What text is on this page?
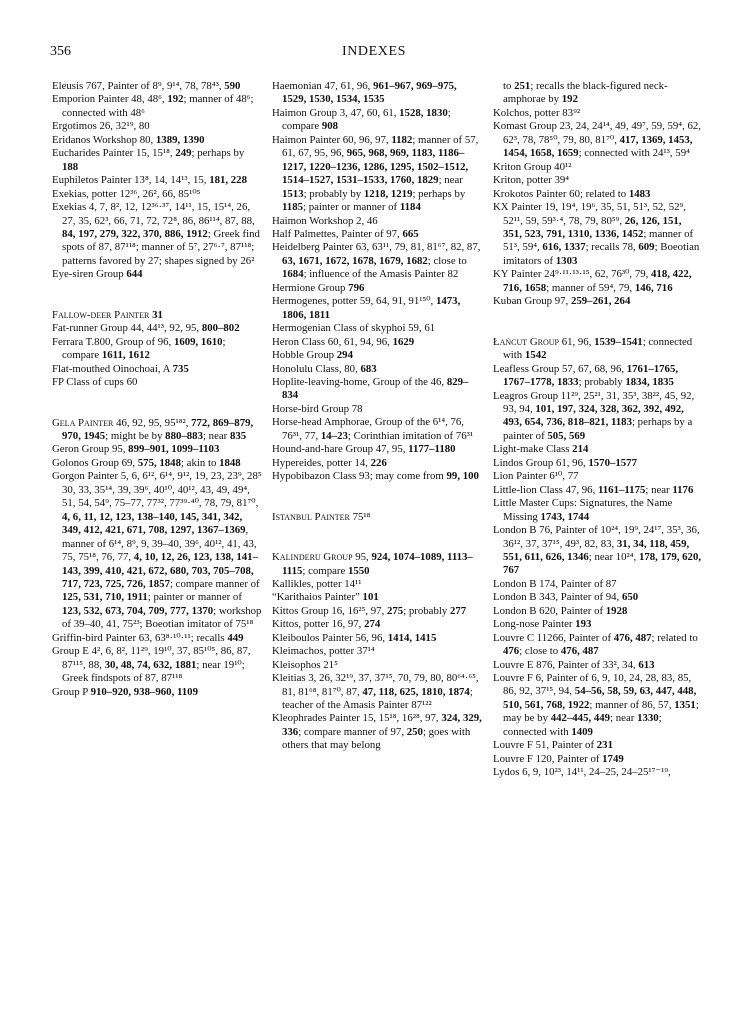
356	INDEXES

Eleusis 767, Painter of 8⁹, 9¹⁴, 78, 78⁴³, 590

Emporion Painter 48, 48⁶, 192; manner of 48⁶; connected with 48⁶

Ergotimos 26, 32¹⁹, 80

Eridanos Workshop 80, 1389, 1390

Eucharides Painter 15, 15¹⁸, 249; perhaps by 188

Euphiletos Painter 13⁸, 14, 14¹³, 15, 181, 228

Exekias, potter 12³⁶, 26², 66, 85¹⁰⁵

Exekias 4, 7, 8², 12, 12³⁶·³⁷, 14¹¹, 15, 15¹⁴, 26, 27, 35, 62³, 66, 71, 72, 72⁸, 86, 86¹¹⁴, 87, 88, 84, 197, 279, 322, 370, 886, 1912; Greek find spots of 87, 87¹¹⁸; manner of 5⁷, 27⁶·⁷, 87¹¹⁸; patterns favored by 27; shapes signed by 26²

Eye-siren Group 644

Fallow-deer Painter 31

Fat-runner Group 44, 44¹³, 92, 95, 800–802

Ferrara T.800, Group of 96, 1609, 1610; compare 1611, 1612

Flat-mouthed Oinochoai, A 735

FP Class of cups 60

Gela Painter 46, 92, 95, 95¹⁸², 772, 869–879, 970, 1945; might be by 880–883; near 835

Geron Group 95, 899–901, 1099–1103

Golonos Group 69, 575, 1848; akin to 1848

Gorgon Painter 5, 6, 6¹², 6¹⁴, 9¹², 19, 23, 23⁹, 28⁵ 30, 33, 35¹⁴, 39, 39⁶, 40¹⁰, 40¹², 43, 49, 49⁴, 51, 54, 54⁹, 75–77, 77³², 77³⁹·⁴⁰, 78, 79, 81⁷⁰, 4, 6, 11, 12, 123, 138–140, 145, 341, 342, 349, 412, 421, 671, 708, 1297, 1367–1369, manner of 6¹⁴, 8⁹, 9, 39–40, 39⁶, 40¹², 41, 43, 75, 75¹⁸, 76, 77, 4, 10, 12, 26, 123, 138, 141–143, 399, 410, 421, 672, 680, 703, 705–708, 717, 723, 725, 726, 1857; compare manner of 125, 531, 710, 1911; painter or manner of 123, 532, 673, 704, 709, 777, 1370; workshop of 39–40, 41, 75²³; Boeotian imitator of 75¹⁸

Griffin-bird Painter 63, 63⁸·¹⁰·¹¹; recalls 449

Group E 4², 6, 8², 11²⁹, 19¹⁰, 37, 85¹⁰⁵, 86, 87, 87¹¹⁵, 88, 30, 48, 74, 632, 1881; near 19¹⁰; Greek findspots of 87, 87¹¹⁸

Group P 910–920, 938–960, 1109

Haemonian 47, 61, 96, 961–967, 969–975, 1529, 1530, 1534, 1535

Haimon Group 3, 47, 60, 61, 1528, 1830; compare 908

Haimon Painter 60, 96, 97, 1182; manner of 57, 61, 67, 95, 96, 965, 968, 969, 1183, 1186–1217, 1220–1236, 1286, 1295, 1502–1512, 1514–1527, 1531–1533, 1760, 1829; near 1513; probably by 1218, 1219; perhaps by 1185; painter or manner of 1184

Haimon Workshop 2, 46

Half Palmettes, Painter of 97, 665

Heidelberg Painter 63, 63¹¹, 79, 81, 81⁶⁷, 82, 87, 63, 1671, 1672, 1678, 1679, 1682; close to 1684; influence of the Amasis Painter 82

Hermione Group 796

Hermogenes, potter 59, 64, 91, 91¹⁵⁰, 1473, 1806, 1811

Hermogenian Class of skyphoi 59, 61

Heron Class 60, 61, 94, 96, 1629

Hobble Group 294

Honolulu Class, 80, 683

Hoplite-leaving-home, Group of the 46, 829–834

Horse-bird Group 78

Horse-head Amphorae, Group of the 6¹⁴, 76, 76³¹, 77, 14–23; Corinthian imitation of 76³¹

Hound-and-hare Group 47, 95, 1177–1180

Hypereides, potter 14, 226

Hypobibazon Class 93; may come from 99, 100

Istanbul Painter 75¹⁸

Kalinderu Group 95, 924, 1074–1089, 1113–1115; compare 1550

Kallikles, potter 14¹¹

“Karithaios Painter” 101

Kittos Group 16, 16²⁵, 97, 275; probably 277

Kittos, potter 16, 97, 274

Kleiboulos Painter 56, 96, 1414, 1415

Kleimachos, potter 37¹⁴

Kleisophos 21⁵

Kleitias 3, 26, 32¹⁹, 37, 37¹⁵, 70, 79, 80, 80⁶⁴·⁶⁵, 81, 81⁶⁸, 81⁷⁰, 87, 47, 118, 625, 1810, 1874; teacher of the Amasis Painter 87¹²²

Kleophrades Painter 15, 15¹⁸, 16²⁸, 97, 324, 329, 336; compare manner of 97, 250; goes with others that may belong

to 251; recalls the black-figured neck-amphorae by 192

Kolchos, potter 83⁹²

Komast Group 23, 24, 24¹⁴, 49, 49⁷, 59, 59⁴, 62, 62³, 78, 78⁵⁰, 79, 80, 81⁷⁰, 417, 1369, 1453, 1454, 1658, 1659; connected with 24¹³, 59⁴

Kriton Group 40¹²

Kriton, potter 39⁴

Krokotos Painter 60; related to 1483

KX Painter 19, 19⁴, 19⁶, 35, 51, 51³, 52, 52⁹, 52¹¹, 59, 59³·⁴, 78, 79, 80⁵⁹, 26, 126, 151, 351, 523, 791, 1310, 1336, 1452; manner of 51³, 59⁴, 616, 1337; recalls 78, 609; Boeotian imitators of 1303

KY Painter 24⁹·¹¹·¹³·¹⁵, 62, 76³⁰, 79, 418, 422, 716, 1658; manner of 59⁴, 79, 146, 716

Kuban Group 97, 259–261, 264

Łańcut Group 61, 96, 1539–1541; connected with 1542

Leafless Group 57, 67, 68, 96, 1761–1765, 1767–1778, 1833; probably 1834, 1835

Leagros Group 11²⁹, 25²¹, 31, 35³, 38²², 45, 92, 93, 94, 101, 197, 324, 328, 362, 392, 492, 493, 654, 736, 818–821, 1183; perhaps by a painter of 505, 569

Light-make Class 214

Lindos Group 61, 96, 1570–1577

Lion Painter 6¹⁰, 77

Little-lion Class 47, 96, 1161–1175; near 1176

Little Master Cups: Signatures, the Name Missing 1743, 1744

London B 76, Painter of 10²⁴, 19⁹, 24¹⁷, 35³, 36, 36¹², 37, 37¹⁵, 49³, 82, 83, 31, 34, 118, 459, 551, 611, 626, 1346; near 10²⁴, 178, 179, 620, 767

London B 174, Painter of 87

London B 343, Painter of 94, 650

London B 620, Painter of 1928

Long-nose Painter 193

Louvre C 11266, Painter of 476, 487; related to 476; close to 476, 487

Louvre E 876, Painter of 33², 34, 613

Louvre F 6, Painter of 6, 9, 10, 24, 28, 83, 85, 86, 92, 37¹⁵, 94, 54–56, 58, 59, 63, 447, 448, 510, 561, 768, 1922; manner of 86, 57, 1351; may be by 442–445, 449; near 1330; connected with 1409

Louvre F 51, Painter of 231

Louvre F 120, Painter of 1749

Lydos 6, 9, 10²³, 14¹¹, 24–25, 24–25¹⁷⁻¹⁹,
